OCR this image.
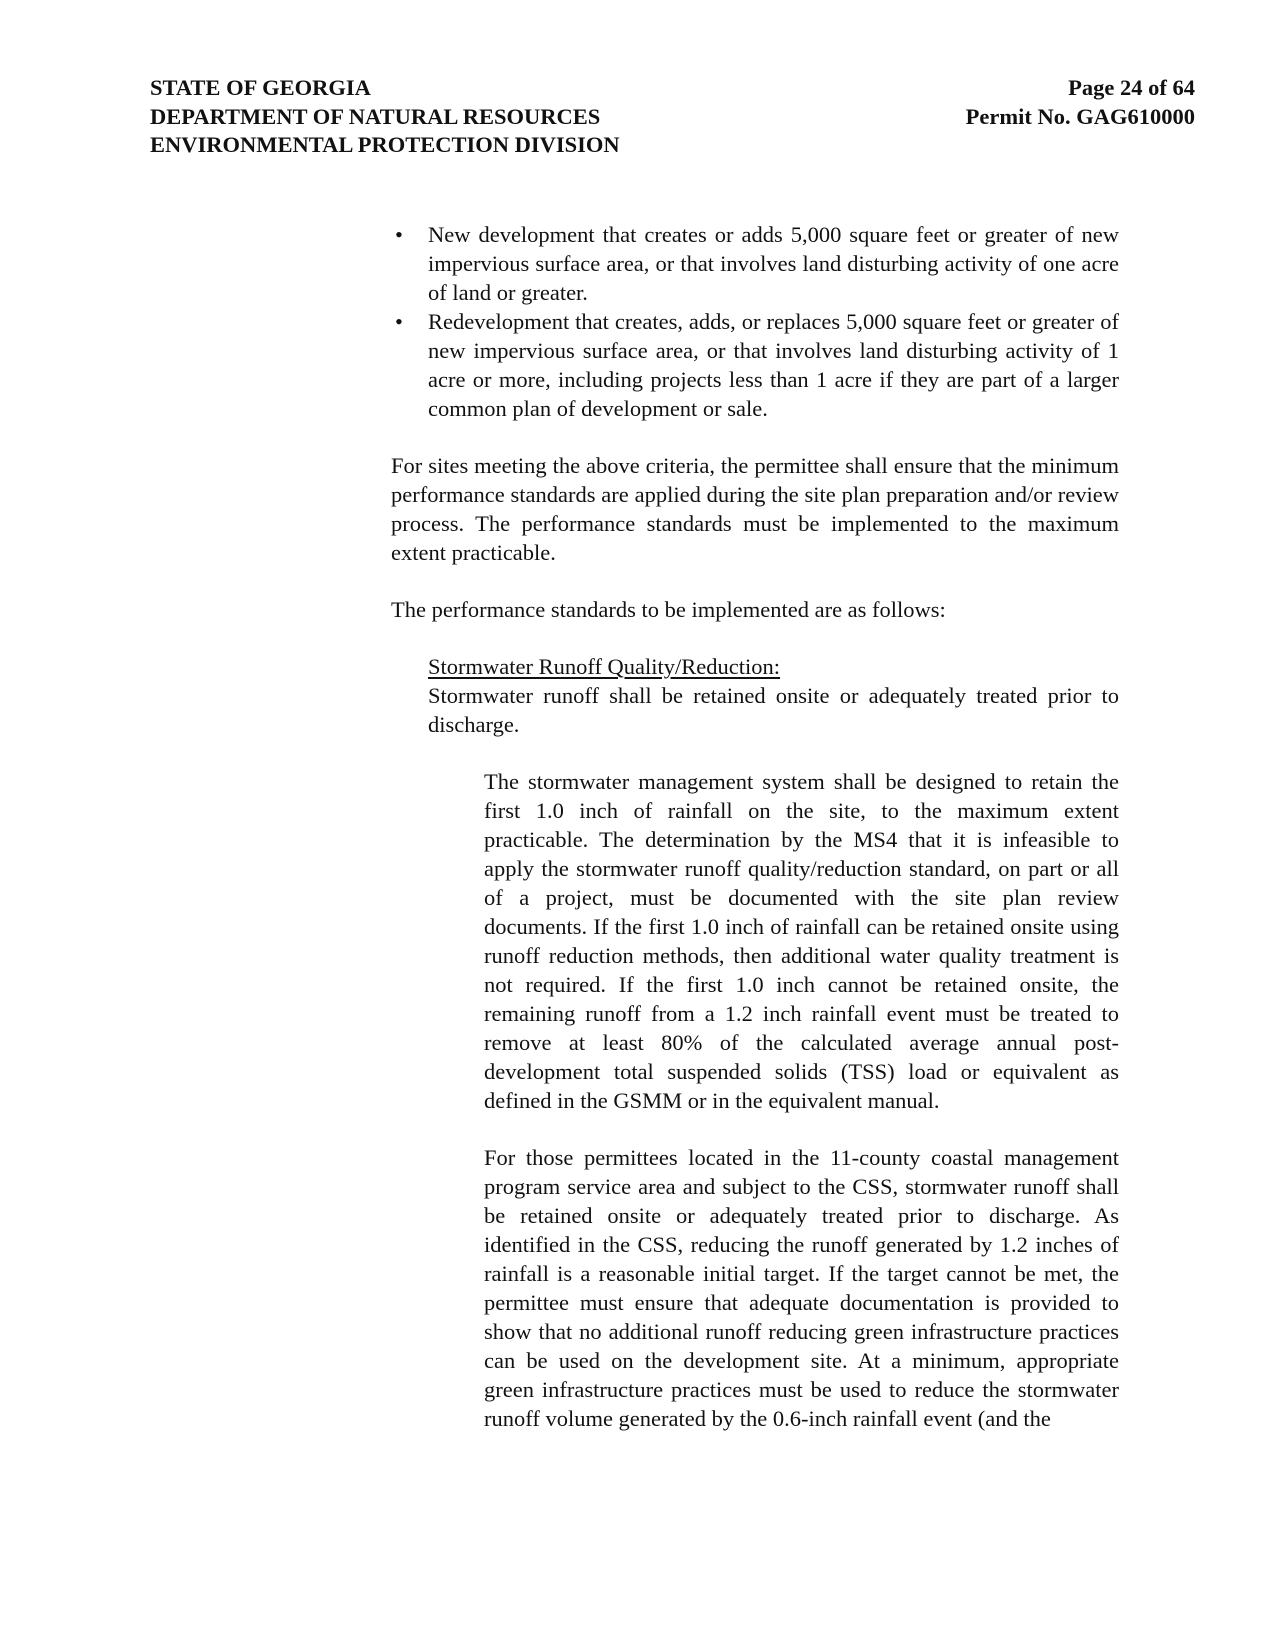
STATE OF GEORGIA
DEPARTMENT OF NATURAL RESOURCES
ENVIRONMENTAL PROTECTION DIVISION
Page 24 of 64
Permit No. GAG610000
• New development that creates or adds 5,000 square feet or greater of new impervious surface area, or that involves land disturbing activity of one acre of land or greater.
• Redevelopment that creates, adds, or replaces 5,000 square feet or greater of new impervious surface area, or that involves land disturbing activity of 1 acre or more, including projects less than 1 acre if they are part of a larger common plan of development or sale.

For sites meeting the above criteria, the permittee shall ensure that the minimum performance standards are applied during the site plan preparation and/or review process. The performance standards must be implemented to the maximum extent practicable.

The performance standards to be implemented are as follows:

Stormwater Runoff Quality/Reduction:

Stormwater runoff shall be retained onsite or adequately treated prior to discharge.

The stormwater management system shall be designed to retain the first 1.0 inch of rainfall on the site, to the maximum extent practicable. The determination by the MS4 that it is infeasible to apply the stormwater runoff quality/reduction standard, on part or all of a project, must be documented with the site plan review documents. If the first 1.0 inch of rainfall can be retained onsite using runoff reduction methods, then additional water quality treatment is not required. If the first 1.0 inch cannot be retained onsite, the remaining runoff from a 1.2 inch rainfall event must be treated to remove at least 80% of the calculated average annual post-development total suspended solids (TSS) load or equivalent as defined in the GSMM or in the equivalent manual.

For those permittees located in the 11-county coastal management program service area and subject to the CSS, stormwater runoff shall be retained onsite or adequately treated prior to discharge. As identified in the CSS, reducing the runoff generated by 1.2 inches of rainfall is a reasonable initial target. If the target cannot be met, the permittee must ensure that adequate documentation is provided to show that no additional runoff reducing green infrastructure practices can be used on the development site. At a minimum, appropriate green infrastructure practices must be used to reduce the stormwater runoff volume generated by the 0.6-inch rainfall event (and the
